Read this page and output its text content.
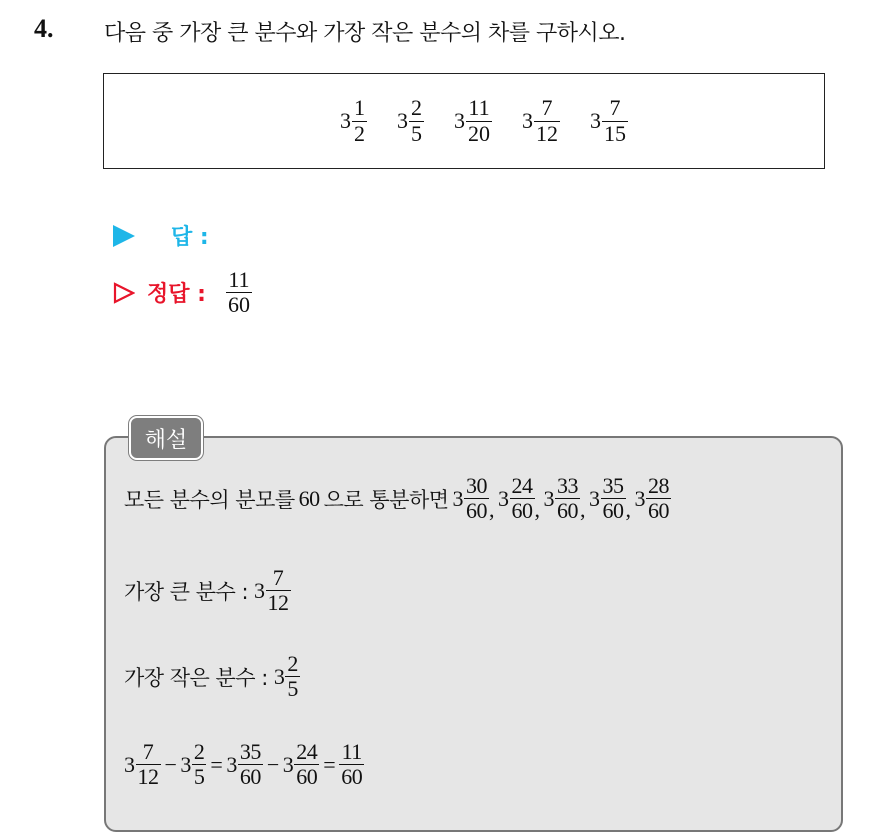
4. 다음 중 가장 큰 분수와 가장 작은 분수의 차를 구하시오.
$3 \frac{1}{2} 3 \frac{2}{5} 3 \frac{11}{20} 3 \frac{7}{12} 3 \frac{7}{15}$
답 :
정답 : $\frac{11}{60}$
해설
모든 분수의 분모를 60 으로 통분하면 $3 \frac{30}{60}$ , $3 \frac{24}{60}$ , $3 \frac{33}{60}$ , $3 \frac{35}{60}$ , $3 \frac{28}{60}$
가장 큰 분수 : $3 \frac{7}{12}$
가장 작은 분수 : $3 \frac{2}{5}$
$3 \frac{7}{12} - 3 \frac{2}{5} = 3 \frac{35}{60} - 3 \frac{24}{60} = \frac{11}{60}$
